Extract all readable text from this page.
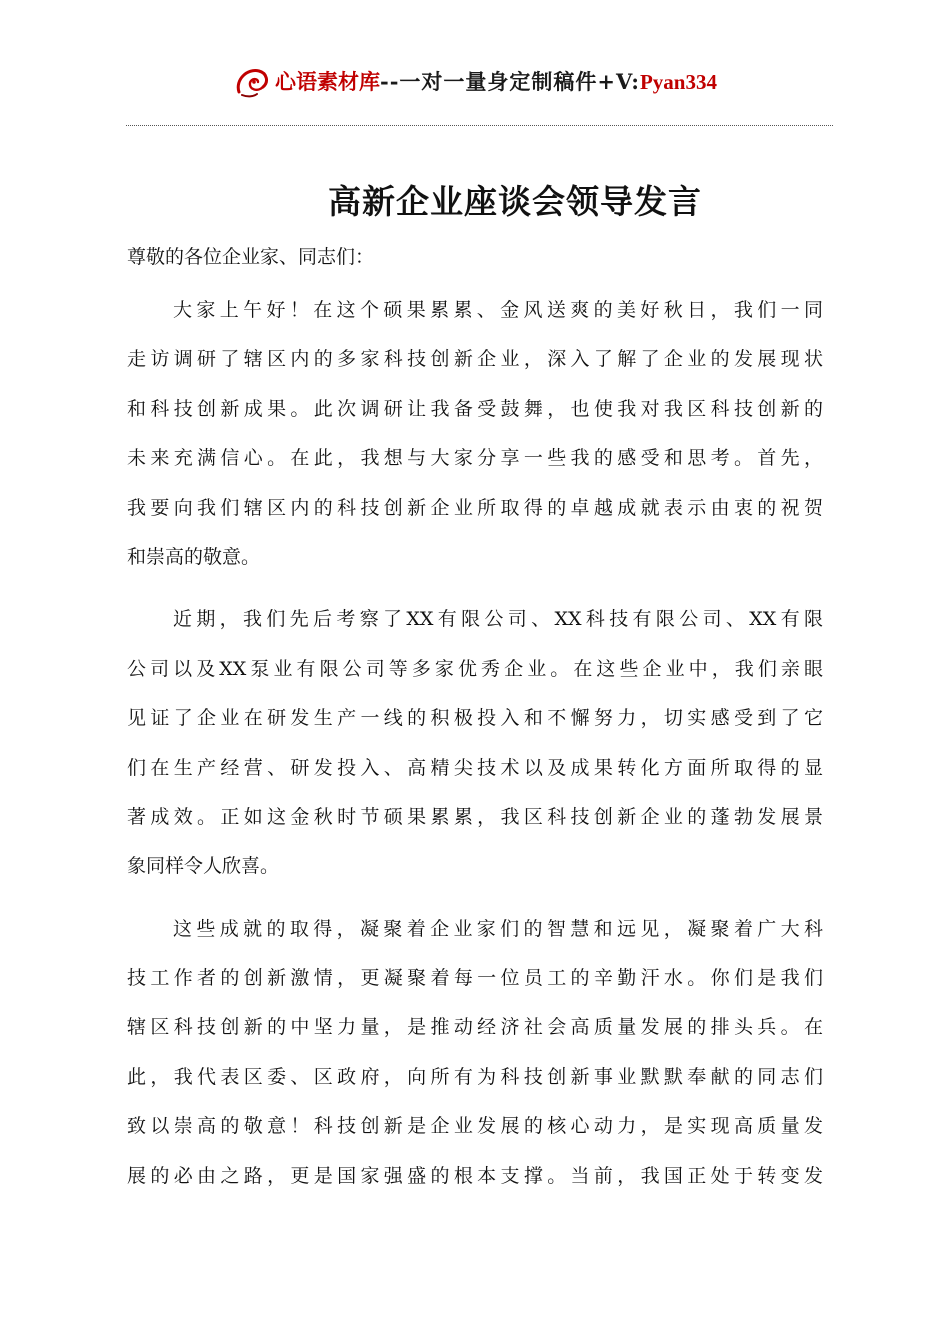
心语素材库--一对一量身定制稿件+V:Pyan334
高新企业座谈会领导发言
尊敬的各位企业家、同志们：
大家上午好！在这个硕果累累、金风送爽的美好秋日，我们一同
走访调研了辖区内的多家科技创新企业，深入了解了企业的发展现状
和科技创新成果。此次调研让我备受鼓舞，也使我对我区科技创新的
未来充满信心。在此，我想与大家分享一些我的感受和思考。首先，
我要向我们辖区内的科技创新企业所取得的卓越成就表示由衷的祝贺
和崇高的敬意。
近期，我们先后考察了XX有限公司、XX科技有限公司、XX有限
公司以及XX泵业有限公司等多家优秀企业。在这些企业中，我们亲眼
见证了企业在研发生产一线的积极投入和不懈努力，切实感受到了它
们在生产经营、研发投入、高精尖技术以及成果转化方面所取得的显
著成效。正如这金秋时节硕果累累，我区科技创新企业的蓬勃发展景
象同样令人欣喜。
这些成就的取得，凝聚着企业家们的智慧和远见，凝聚着广大科
技工作者的创新激情，更凝聚着每一位员工的辛勤汗水。你们是我们
辖区科技创新的中坚力量，是推动经济社会高质量发展的排头兵。在
此，我代表区委、区政府，向所有为科技创新事业默默奉献的同志们
致以崇高的敬意！科技创新是企业发展的核心动力，是实现高质量发
展的必由之路，更是国家强盛的根本支撑。当前，我国正处于转变发
